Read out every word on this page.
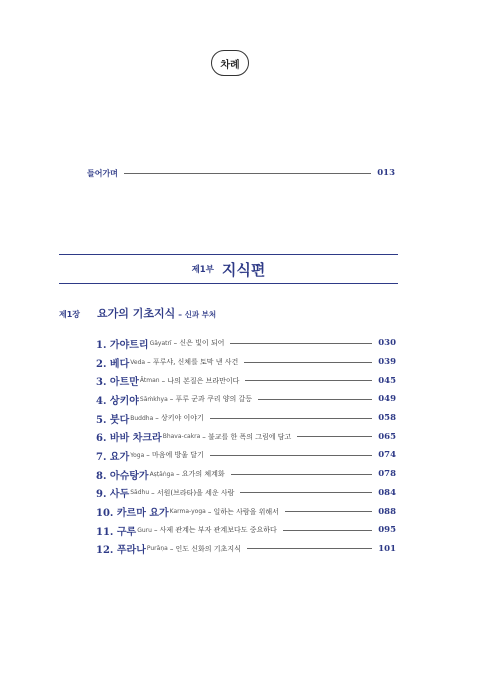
차례
들어가며	013
제1부 지식편
제1장	요가의 기초지식 – 신과 부처
1. 가야트리 Gāyatrī – 신은 빛이 되어	030
2. 베다 Veda – 푸루샤, 신체를 토막 낸 사건	039
3. 아트만 Ātman – 나의 본질은 브라만이다	045
4. 상키야 Sāṁkhya – 푸루 군과 쿠리 양의 갈등	049
5. 붓다 Buddha – 상키야 이야기	058
6. 바바 차크라 Bhava-cakra – 불교를 한 폭의 그림에 담고	065
7. 요가 Yoga – 마음에 방울 달기	074
8. 아슈탕가 Aṣṭāṅga – 요가의 체계화	078
9. 사두 Sādhu – 서원(브라타)을 세운 사람	084
10. 카르마 요가 Karma-yoga – 일하는 사람을 위해서	088
11. 구루 Guru – 사제 관계는 부자 관계보다도 중요하다	095
12. 푸라나 Purāṇa – 인도 신화의 기초지식	101
